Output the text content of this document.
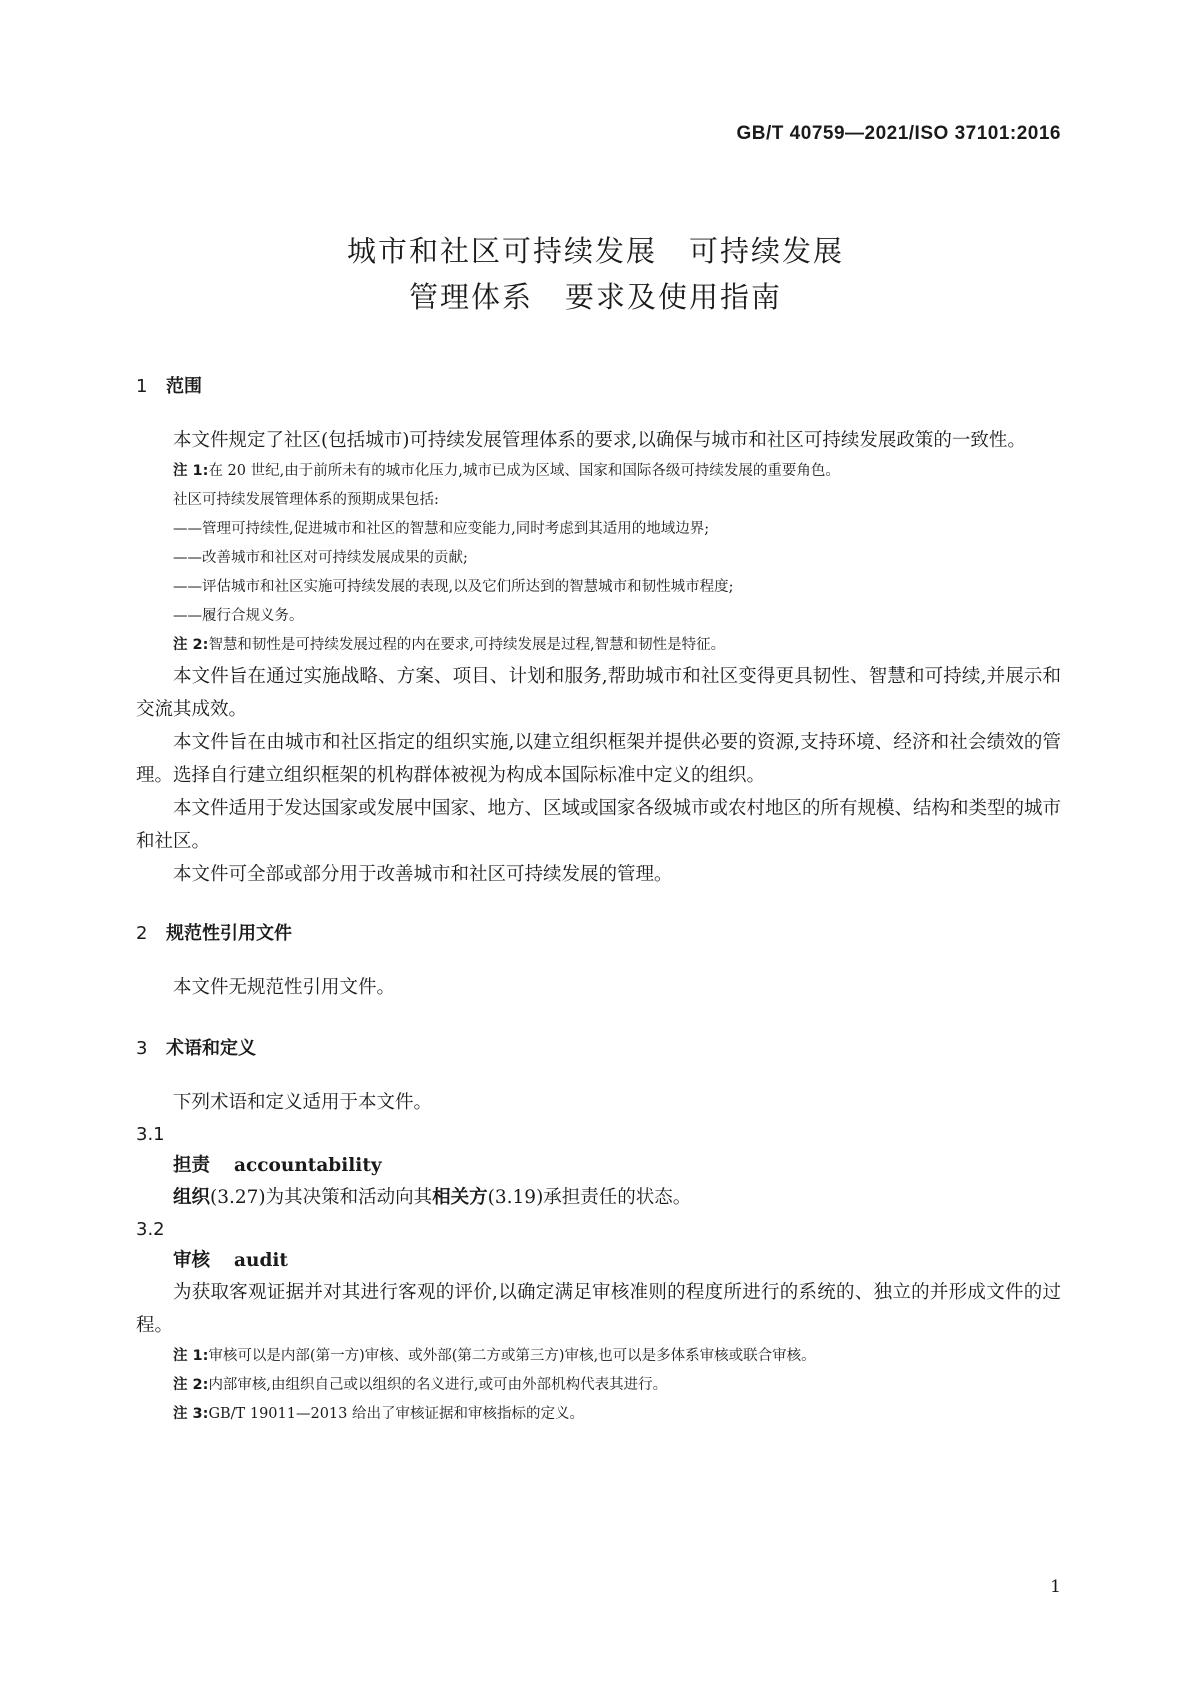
GB/T 40759—2021/ISO 37101:2016
城市和社区可持续发展 可持续发展
管理体系 要求及使用指南
1 范围

本文件规定了社区(包括城市)可持续发展管理体系的要求,以确保与城市和社区可持续发展政策的一致性。

注 1:在 20 世纪,由于前所未有的城市化压力,城市已成为区域、国家和国际各级可持续发展的重要角色。

社区可持续发展管理体系的预期成果包括:

——管理可持续性,促进城市和社区的智慧和应变能力,同时考虑到其适用的地域边界;

——改善城市和社区对可持续发展成果的贡献;

——评估城市和社区实施可持续发展的表现,以及它们所达到的智慧城市和韧性城市程度;

——履行合规义务。

注 2:智慧和韧性是可持续发展过程的内在要求,可持续发展是过程,智慧和韧性是特征。

本文件旨在通过实施战略、方案、项目、计划和服务,帮助城市和社区变得更具韧性、智慧和可持续,并展示和交流其成效。

本文件旨在由城市和社区指定的组织实施,以建立组织框架并提供必要的资源,支持环境、经济和社会绩效的管理。选择自行建立组织框架的机构群体被视为构成本国际标准中定义的组织。

本文件适用于发达国家或发展中国家、地方、区域或国家各级城市或农村地区的所有规模、结构和类型的城市和社区。

本文件可全部或部分用于改善城市和社区可持续发展的管理。

2 规范性引用文件

本文件无规范性引用文件。

3 术语和定义

下列术语和定义适用于本文件。

3.1

担责 accountability

组织(3.27)为其决策和活动向其相关方(3.19)承担责任的状态。

3.2

审核 audit

为获取客观证据并对其进行客观的评价,以确定满足审核准则的程度所进行的系统的、独立的并形成文件的过程。

注 1:审核可以是内部(第一方)审核、或外部(第二方或第三方)审核,也可以是多体系审核或联合审核。

注 2:内部审核,由组织自己或以组织的名义进行,或可由外部机构代表其进行。

注 3:GB/T 19011—2013 给出了审核证据和审核指标的定义。

1
